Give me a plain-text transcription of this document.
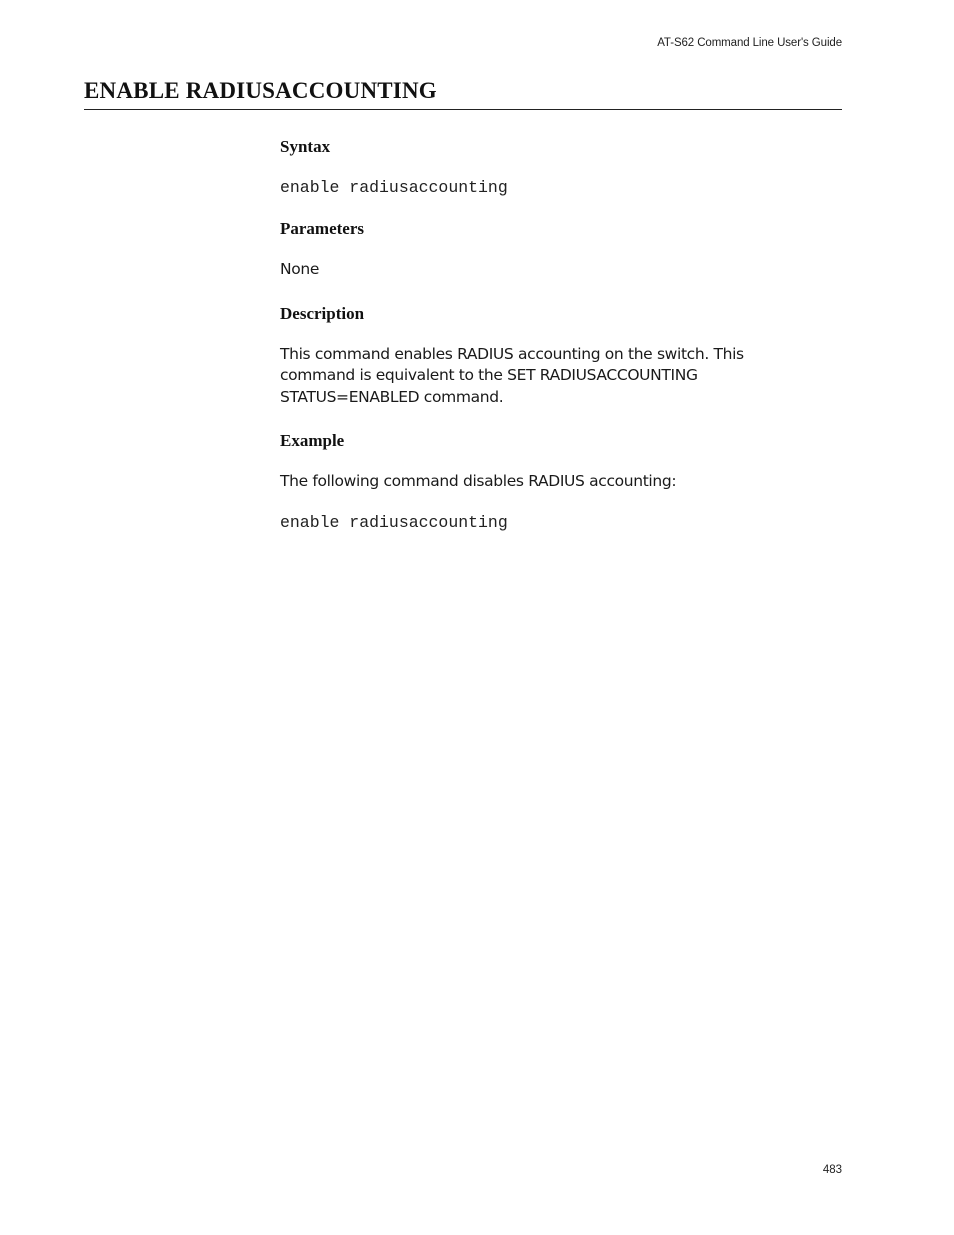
AT-S62 Command Line User's Guide
ENABLE RADIUSACCOUNTING
Syntax

enable radiusaccounting

Parameters

None

Description

This command enables RADIUS accounting on the switch. This
command is equivalent to the SET RADIUSACCOUNTING
STATUS=ENABLED command.

Example

The following command disables RADIUS accounting:

enable radiusaccounting

483
